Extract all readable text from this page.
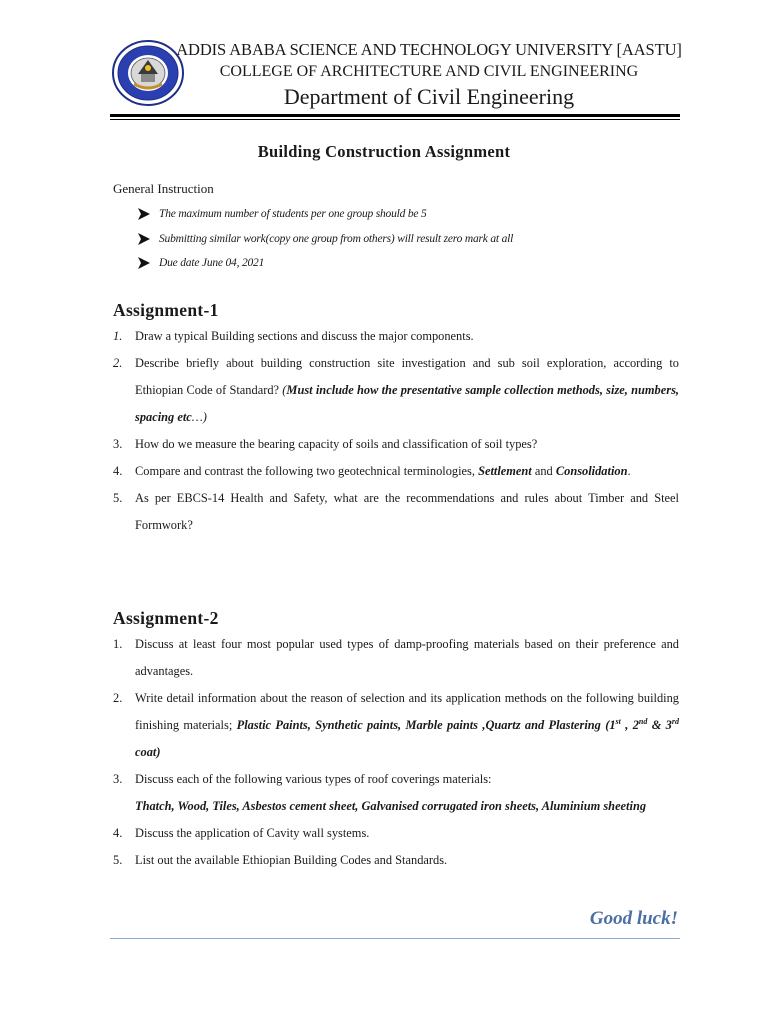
ADDIS ABABA SCIENCE AND TECHNOLOGY UNIVERSITY [AASTU]
COLLEGE OF ARCHITECTURE AND CIVIL ENGINEERING
Department of Civil Engineering
Building Construction Assignment
General Instruction
The maximum number of students per one group should be 5
Submitting similar work(copy one group from others) will result zero mark at all
Due date June 04, 2021
Assignment-1
1. Draw a typical Building sections and discuss the major components.
2. Describe briefly about building construction site investigation and sub soil exploration, according to Ethiopian Code of Standard? (Must include how the presentative sample collection methods, size, numbers, spacing etc…)
3. How do we measure the bearing capacity of soils and classification of soil types?
4. Compare and contrast the following two geotechnical terminologies, Settlement and Consolidation.
5. As per EBCS-14 Health and Safety, what are the recommendations and rules about Timber and Steel Formwork?
Assignment-2
1. Discuss at least four most popular used types of damp-proofing materials based on their preference and advantages.
2. Write detail information about the reason of selection and its application methods on the following building finishing materials; Plastic Paints, Synthetic paints, Marble paints ,Quartz and Plastering (1st , 2nd & 3rd coat)
3. Discuss each of the following various types of roof coverings materials:
Thatch, Wood, Tiles, Asbestos cement sheet, Galvanised corrugated iron sheets, Aluminium sheeting
4. Discuss the application of Cavity wall systems.
5. List out the available Ethiopian Building Codes and Standards.
Good luck!
